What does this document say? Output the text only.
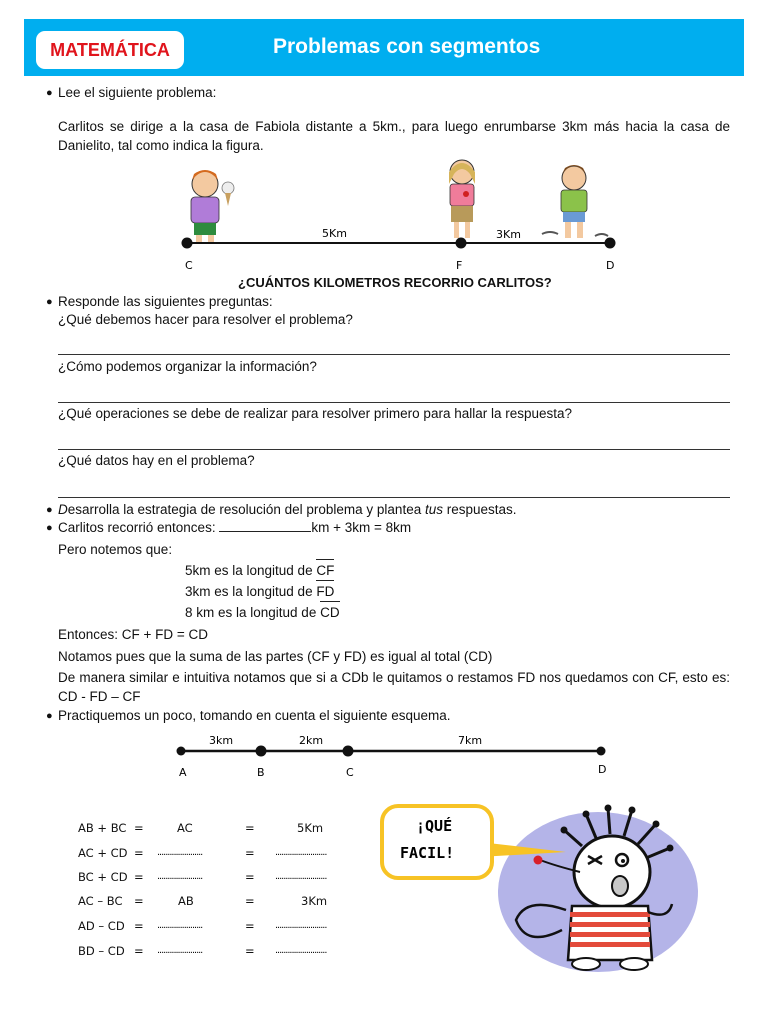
MATEMÁTICA	Problemas con segmentos
● Lee el siguiente problema:
Carlitos se dirige a la casa de Fabiola distante a 5km., para luego enrumbarse 3km más hacia la casa de Danielito, tal como indica la figura.
5Km	3Km
C	F	D
¿CUÁNTOS KILOMETROS RECORRIO CARLITOS?
● Responde las siguientes preguntas:
¿Qué debemos hacer para resolver el problema?
¿Cómo podemos organizar la información?
¿Qué operaciones se debe de realizar para resolver primero para hallar la respuesta?
¿Qué datos hay en el problema?
● Desarrolla la estrategia de resolución del problema y plantea tus respuestas.
● Carlitos recorrió entonces:	km + 3km = 8km
Pero notemos que:
5km es la longitud de CF
3km es la longitud de FD
8 km es la longitud de CD
Entonces: CF + FD = CD
Notamos pues que la suma de las partes (CF y FD) es igual al total (CD)
De manera similar e intuitiva notamos que si a CDb le quitamos o restamos FD nos quedamos con CF, esto es: CD - FD – CF
● Practiquemos un poco, tomando en cuenta el siguiente esquema.
3km	2km	7km
A	B	C	D
AB + BC =	AC	=	5Km
AC + CD = ......................	= .........................
BC + CD = ......................	= .........................
AC – BC =	AB	=	3Km
AD – CD = ......................	= .........................
BD – CD = ......................	= .........................
¡QUÉ
FACIL!
